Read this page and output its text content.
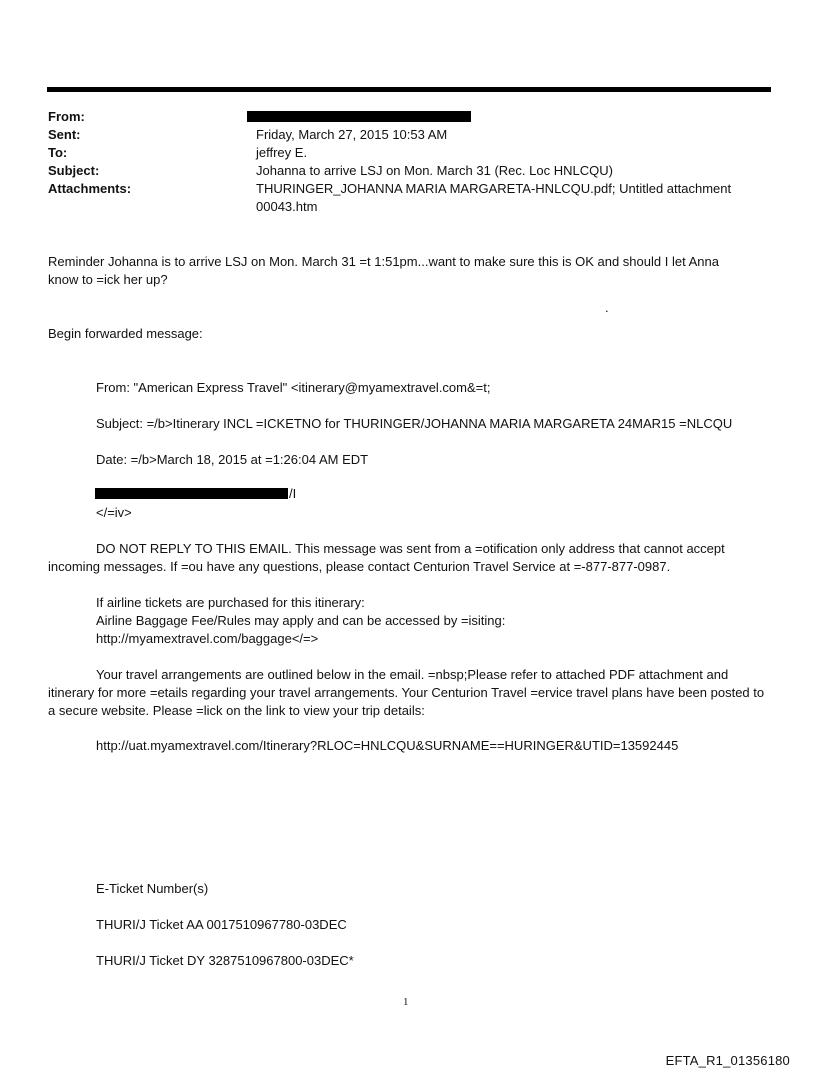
From:
Sent:
To:
Subject:
Attachments:
Friday, March 27, 2015 10:53 AM
jeffrey E.
Johanna to arrive LSJ on Mon. March 31 (Rec. Loc HNLCQU)
THURINGER_JOHANNA MARIA MARGARETA-HNLCQU.pdf; Untitled attachment
00043.htm
Reminder Johanna is to arrive LSJ on Mon. March 31 =t 1:51pm...want to make sure this is OK and should I let Anna
know to =ick her up?
.
Begin forwarded message:
From: "American Express Travel" <itinerary@myamextravel.com&=t;
Subject: =/b>Itinerary INCL =ICKETNO for THURINGER/JOHANNA MARIA MARGARETA 24MAR15 =NLCQU
Date: =/b>March 18, 2015 at =1:26:04 AM EDT
/I
</=iv>
DO NOT REPLY TO THIS EMAIL. This message was sent from a =otification only address that cannot accept incoming messages. If =ou have any questions, please contact Centurion Travel Service at =-877-877-0987.
If airline tickets are purchased for this itinerary:
Airline Baggage Fee/Rules may apply and can be accessed by =isiting:
http://myamextravel.com/baggage</=>
Your travel arrangements are outlined below in the email. =nbsp;Please refer to attached PDF attachment and itinerary for more =etails regarding your travel arrangements. Your Centurion Travel =ervice travel plans have been posted to a secure website. Please =lick on the link to view your trip details:
http://uat.myamextravel.com/Itinerary?RLOC=HNLCQU&SURNAME==HURINGER&UTID=13592445
E-Ticket Number(s)
THURI/J Ticket AA 0017510967780-03DEC
THURI/J Ticket DY 3287510967800-03DEC*
1
EFTA_R1_01356180
